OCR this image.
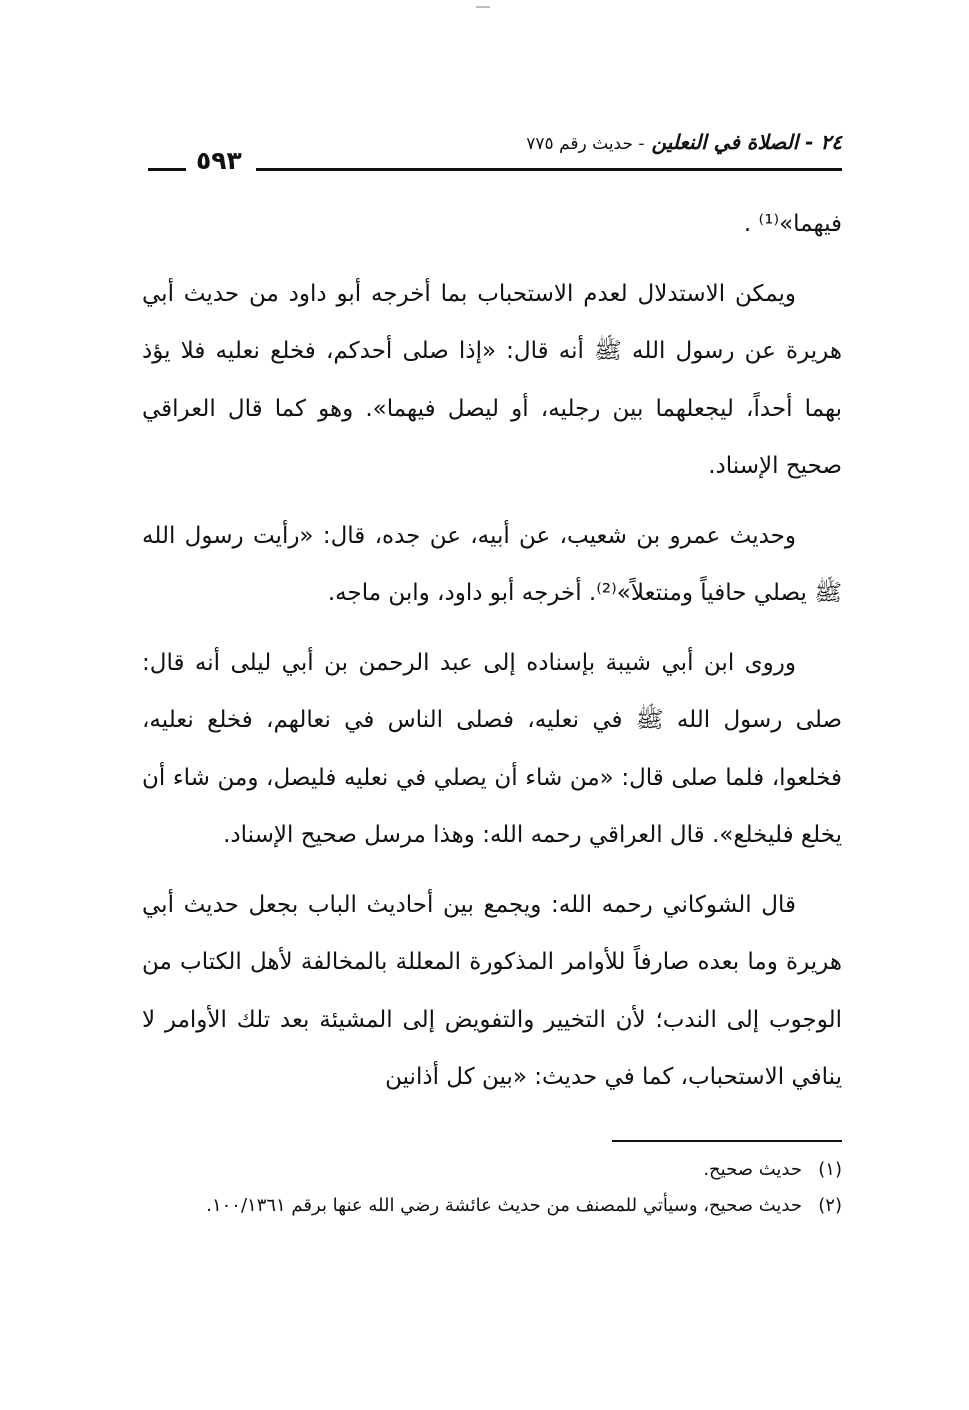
٢٤ - الصلاة في النعلين - حديث رقم ٧٧٥
٥٩٣

فيهما»⁽¹⁾ .

ويمكن الاستدلال لعدم الاستحباب بما أخرجه أبو داود من حديث أبي هريرة عن رسول الله ﷺ أنه قال: «إذا صلى أحدكم، فخلع نعليه فلا يؤذ بهما أحداً، ليجعلهما بين رجليه، أو ليصل فيهما». وهو كما قال العراقي صحيح الإسناد.

وحديث عمرو بن شعيب، عن أبيه، عن جده، قال: «رأيت رسول الله ﷺ يصلي حافياً ومنتعلاً»⁽²⁾. أخرجه أبو داود، وابن ماجه.

وروى ابن أبي شيبة بإسناده إلى عبد الرحمن بن أبي ليلى أنه قال: صلى رسول الله ﷺ في نعليه، فصلى الناس في نعالهم، فخلع نعليه، فخلعوا، فلما صلى قال: «من شاء أن يصلي في نعليه فليصل، ومن شاء أن يخلع فليخلع». قال العراقي رحمه الله: وهذا مرسل صحيح الإسناد.

قال الشوكاني رحمه الله: ويجمع بين أحاديث الباب بجعل حديث أبي هريرة وما بعده صارفاً للأوامر المذكورة المعللة بالمخالفة لأهل الكتاب من الوجوب إلى الندب؛ لأن التخيير والتفويض إلى المشيئة بعد تلك الأوامر لا ينافي الاستحباب، كما في حديث: «بين كل أذانين

(١)
حديث صحيح.
(٢)
حديث صحيح، وسيأتي للمصنف من حديث عائشة رضي الله عنها برقم ١٠٠/١٣٦١.
